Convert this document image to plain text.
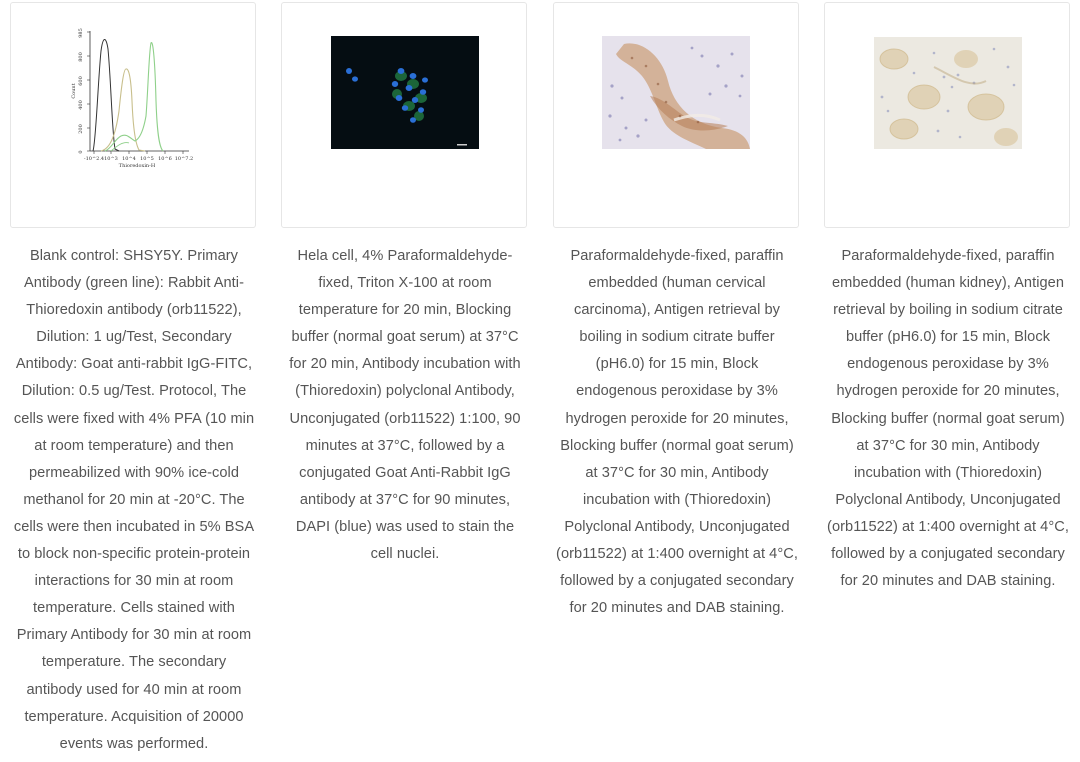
985
800
600
400
200
0
Count
-10^2.4 10^3 10^4 10^5 10^6 10^7.2
Thioredoxin-H
Blank control: SHSY5Y. Primary Antibody (green line): Rabbit Anti-Thioredoxin antibody (orb11522), Dilution: 1 ug/Test, Secondary Antibody: Goat anti-rabbit IgG-FITC, Dilution: 0.5 ug/Test. Protocol, The cells were fixed with 4% PFA (10 min at room temperature) and then permeabilized with 90% ice-cold methanol for 20 min at -20°C. The cells were then incubated in 5% BSA to block non-specific protein-protein interactions for 30 min at room temperature. Cells stained with Primary Antibody for 30 min at room temperature. The secondary antibody used for 40 min at room temperature. Acquisition of 20000 events was performed.
Hela cell, 4% Paraformaldehyde-fixed, Triton X-100 at room temperature for 20 min, Blocking buffer (normal goat serum) at 37°C for 20 min, Antibody incubation with (Thioredoxin) polyclonal Antibody, Unconjugated (orb11522) 1:100, 90 minutes at 37°C, followed by a conjugated Goat Anti-Rabbit IgG antibody at 37°C for 90 minutes, DAPI (blue) was used to stain the cell nuclei.
Paraformaldehyde-fixed, paraffin embedded (human cervical carcinoma), Antigen retrieval by boiling in sodium citrate buffer (pH6.0) for 15 min, Block endogenous peroxidase by 3% hydrogen peroxide for 20 minutes, Blocking buffer (normal goat serum) at 37°C for 30 min, Antibody incubation with (Thioredoxin) Polyclonal Antibody, Unconjugated (orb11522) at 1:400 overnight at 4°C, followed by a conjugated secondary for 20 minutes and DAB staining.
Paraformaldehyde-fixed, paraffin embedded (human kidney), Antigen retrieval by boiling in sodium citrate buffer (pH6.0) for 15 min, Block endogenous peroxidase by 3% hydrogen peroxide for 20 minutes, Blocking buffer (normal goat serum) at 37°C for 30 min, Antibody incubation with (Thioredoxin) Polyclonal Antibody, Unconjugated (orb11522) at 1:400 overnight at 4°C, followed by a conjugated secondary for 20 minutes and DAB staining.
